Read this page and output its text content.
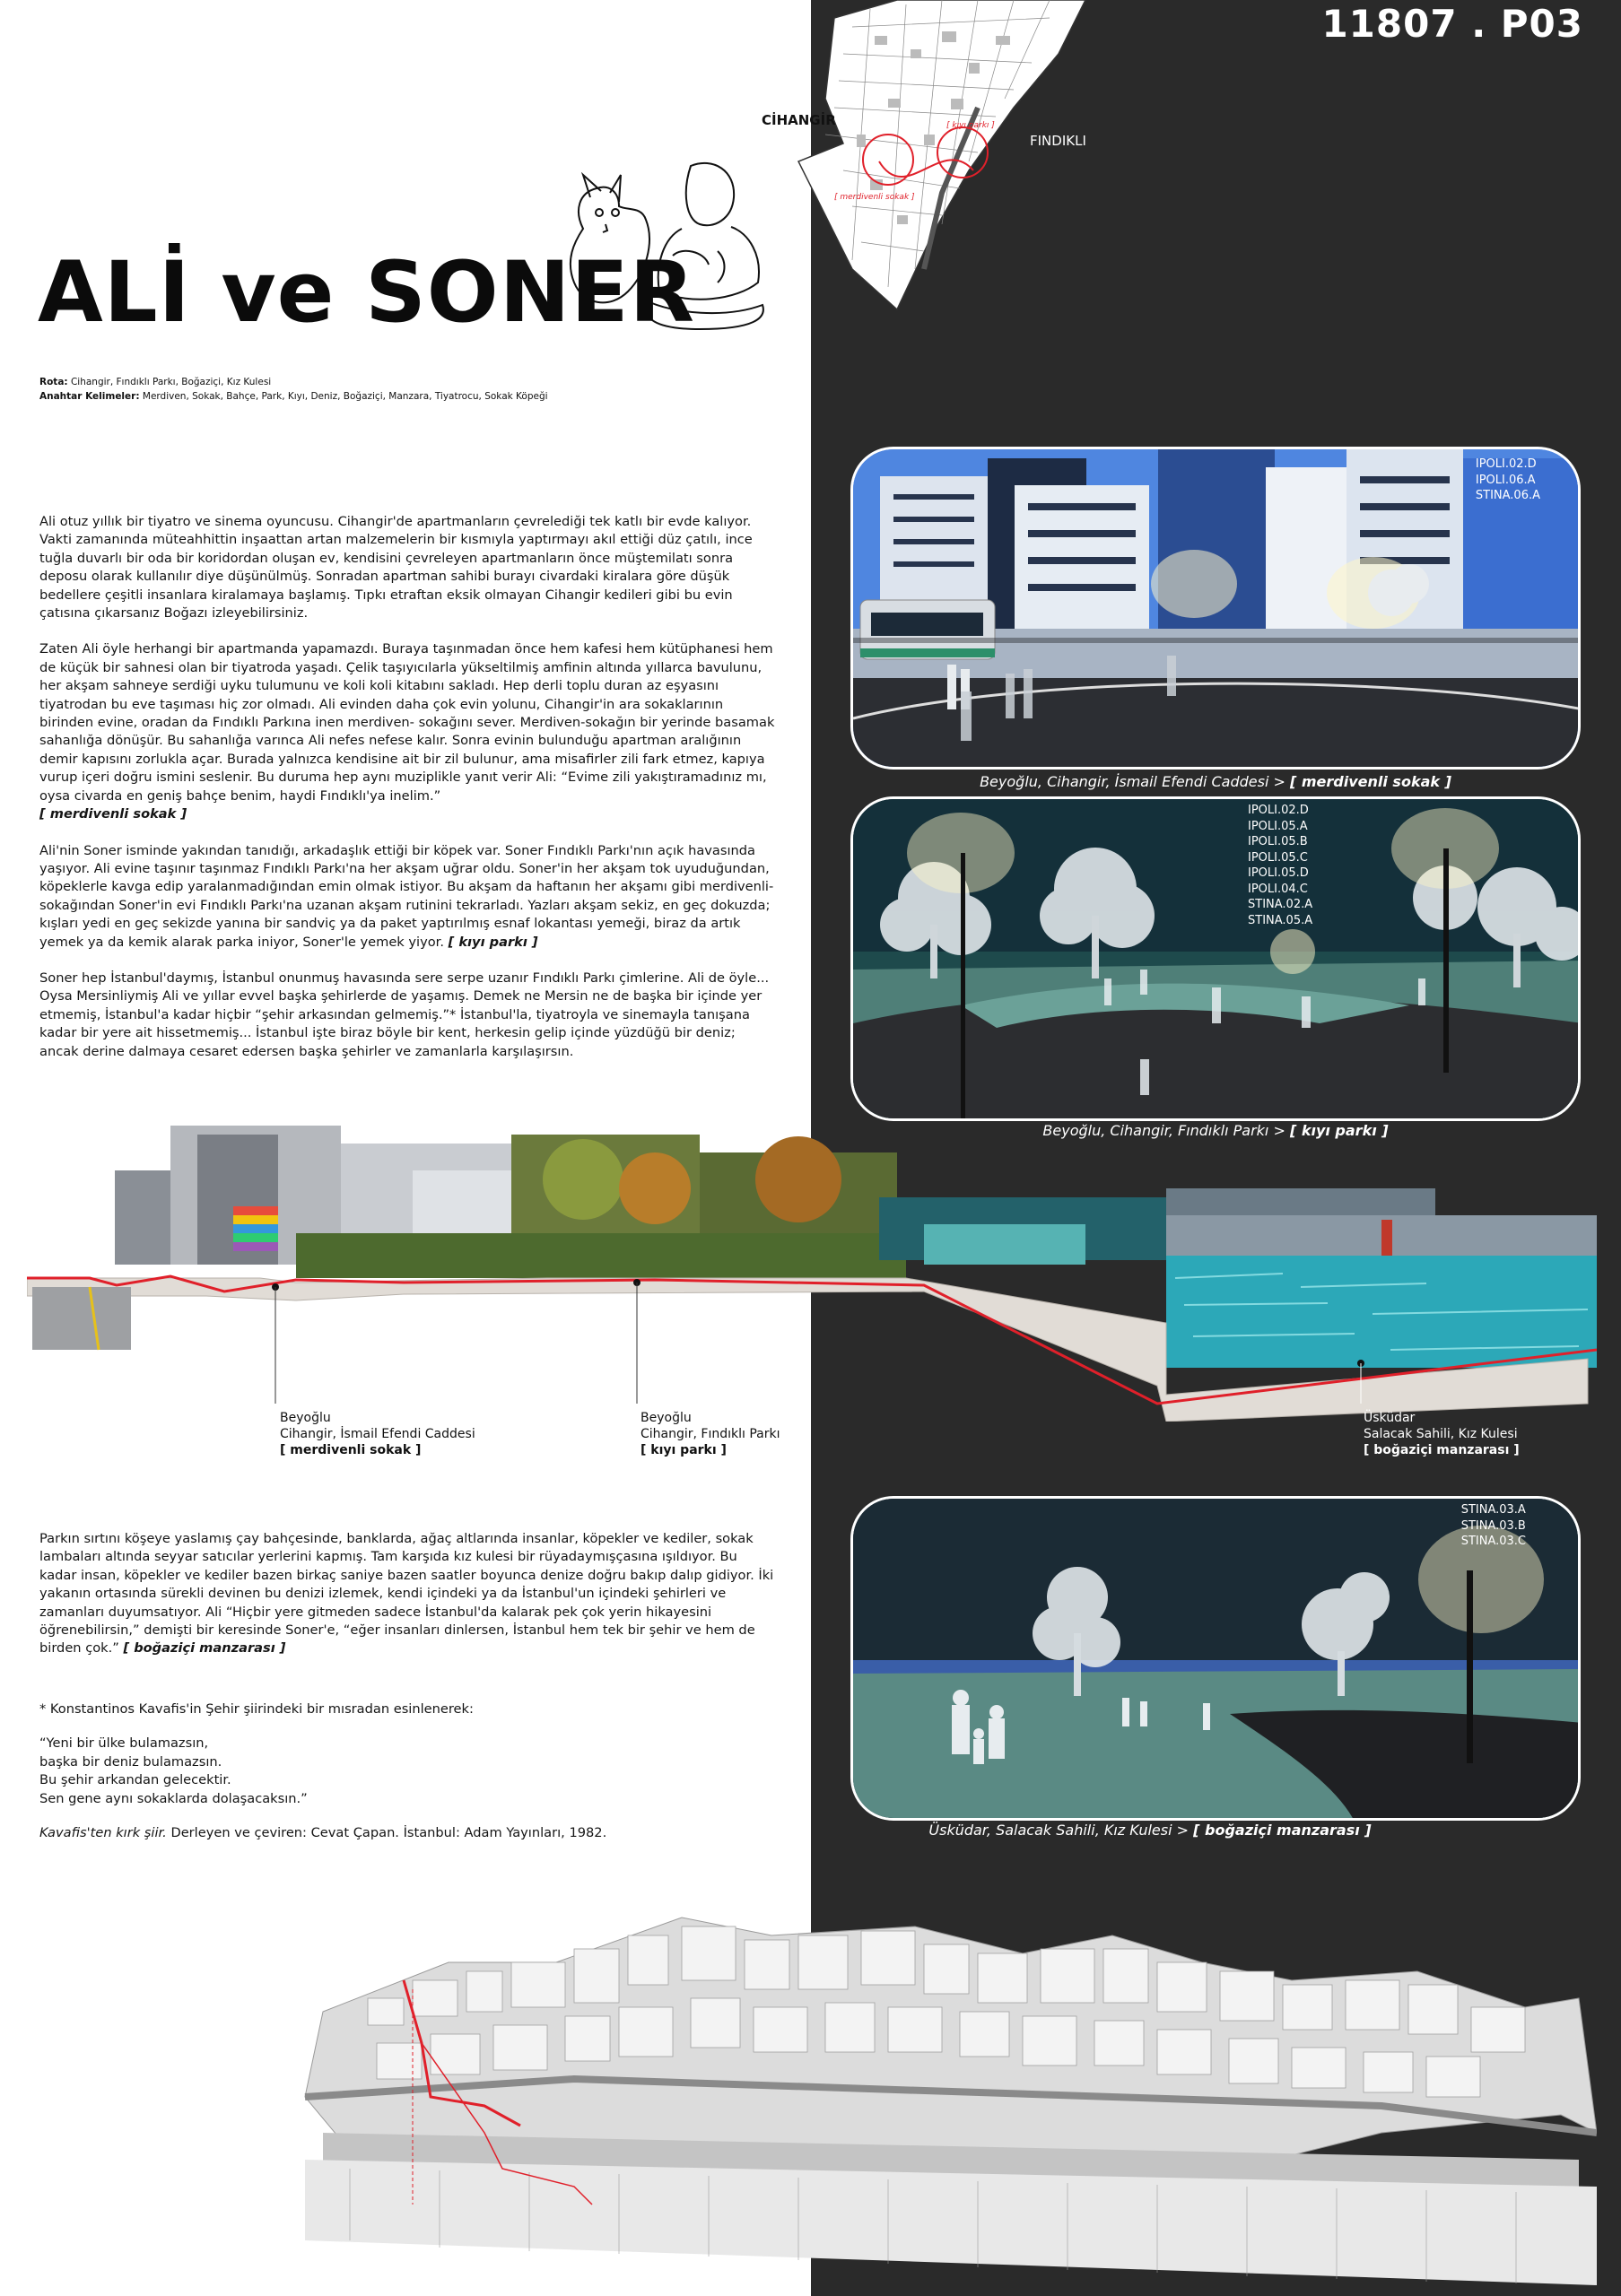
11807 . P03
[ kıyı parkı ]
[ merdivenli sokak ]
CİHANGİR
FINDIKLI
ALİ ve SONER
Rota: Cihangir, Fındıklı Parkı, Boğaziçi, Kız Kulesi
Anahtar Kelimeler: Merdiven, Sokak, Bahçe, Park, Kıyı, Deniz, Boğaziçi, Manzara, Tiyatrocu, Sokak Köpeği

Ali otuz yıllık bir tiyatro ve sinema oyuncusu. Cihangir'de apartmanların çevrelediği tek katlı bir evde kalıyor. Vakti zamanında müteahhittin inşaattan artan malzemelerin bir kısmıyla yaptırmayı akıl ettiği düz çatılı, ince tuğla duvarlı bir oda bir koridordan oluşan ev, kendisini çevreleyen apartmanların önce müştemilatı sonra deposu olarak kullanılır diye düşünülmüş. Sonradan apartman sahibi burayı civardaki kiralara göre düşük bedellere çeşitli insanlara kiralamaya başlamış. Tıpkı etraftan eksik olmayan Cihangir kedileri gibi bu evin çatısına çıkarsanız Boğazı izleyebilirsiniz.

Zaten Ali öyle herhangi bir apartmanda yapamazdı. Buraya taşınmadan önce hem kafesi hem kütüphanesi hem de küçük bir sahnesi olan bir tiyatroda yaşadı. Çelik taşıyıcılarla yükseltilmiş amfinin altında yıllarca bavulunu, her akşam sahneye serdiği uyku tulumunu ve koli koli kitabını sakladı. Hep derli toplu duran az eşyasını tiyatrodan bu eve taşıması hiç zor olmadı. Ali evinden daha çok evin yolunu, Cihangir'in ara sokaklarının birinden evine, oradan da Fındıklı Parkına inen merdiven- sokağını sever. Merdiven-sokağın bir yerinde basamak sahanlığa dönüşür. Bu sahanlığa varınca Ali nefes nefese kalır. Sonra evinin bulunduğu apartman aralığının demir kapısını zorlukla açar. Burada yalnızca kendisine ait bir zil bulunur, ama misafirler zili fark etmez, kapıya vurup içeri doğru ismini seslenir. Bu duruma hep aynı muziplikle yanıt verir Ali: “Evime zili yakıştıramadınız mı, oysa civarda en geniş bahçe benim, haydi Fındıklı'ya inelim.”
[ merdivenli sokak ]

Ali'nin Soner isminde yakından tanıdığı, arkadaşlık ettiği bir köpek var. Soner Fındıklı Parkı'nın açık havasında yaşıyor. Ali evine taşınır taşınmaz Fındıklı Parkı'na her akşam uğrar oldu. Soner'in her akşam tok uyuduğundan, köpeklerle kavga edip yaralanmadığından emin olmak istiyor. Bu akşam da haftanın her akşamı gibi merdivenli-sokağından Soner'in evi Fındıklı Parkı'na uzanan akşam rutinini tekrarladı. Yazları akşam sekiz, en geç dokuzda; kışları yedi en geç sekizde yanına bir sandviç ya da paket yaptırılmış esnaf lokantası yemeği, biraz da artık yemek ya da kemik alarak parka iniyor, Soner'le yemek yiyor. [ kıyı parkı ]

Soner hep İstanbul'daymış, İstanbul onunmuş havasında sere serpe uzanır Fındıklı Parkı çimlerine. Ali de öyle... Oysa Mersinliymiş Ali ve yıllar evvel başka şehirlerde de yaşamış. Demek ne Mersin ne de başka bir içinde yer etmemiş, İstanbul'a kadar hiçbir “şehir arkasından gelmemiş.”* İstanbul'la, tiyatroyla ve sinemayla tanışana kadar bir yere ait hissetmemiş... İstanbul işte biraz böyle bir kent, herkesin gelip içinde yüzdüğü bir deniz; ancak derine dalmaya cesaret edersen başka şehirler ve zamanlarla karşılaşırsın.

IPOLI.02.D
IPOLI.06.A
STINA.06.A
Beyoğlu, Cihangir, İsmail Efendi Caddesi > [ merdivenli sokak ]
IPOLI.02.D
IPOLI.05.A
IPOLI.05.B
IPOLI.05.C
IPOLI.05.D
IPOLI.04.C
STINA.02.A
STINA.05.A
Beyoğlu, Cihangir, Fındıklı Parkı > [ kıyı parkı ]
Beyoğlu
Cihangir, İsmail Efendi Caddesi
[ merdivenli sokak ]
Beyoğlu
Cihangir, Fındıklı Parkı
[ kıyı parkı ]
Üsküdar
Salacak Sahili, Kız Kulesi
[ boğaziçi manzarası ]

Parkın sırtını köşeye yaslamış çay bahçesinde, banklarda, ağaç altlarında insanlar, köpekler ve kediler, sokak lambaları altında seyyar satıcılar yerlerini kapmış. Tam karşıda kız kulesi bir rüyadaymışçasına ışıldıyor. Bu kadar insan, köpekler ve kediler bazen birkaç saniye bazen saatler boyunca denize doğru bakıp dalıp gidiyor. İki yakanın ortasında sürekli devinen bu denizi izlemek, kendi içindeki ya da İstanbul'un içindeki şehirleri ve zamanları duyumsatıyor. Ali “Hiçbir yere gitmeden sadece İstanbul'da kalarak pek çok yerin hikayesini öğrenebilirsin,” demişti bir keresinde Soner'e, “eğer insanları dinlersen, İstanbul hem tek bir şehir ve hem de birden çok.” [ boğaziçi manzarası ]

* Konstantinos Kavafis'in Şehir şiirindeki bir mısradan esinlenerek:

“Yeni bir ülke bulamazsın,
başka bir deniz bulamazsın.
Bu şehir arkandan gelecektir.
Sen gene aynı sokaklarda dolaşacaksın.”

Kavafis'ten kırk şiir. Derleyen ve çeviren: Cevat Çapan. İstanbul: Adam Yayınları, 1982.

STINA.03.A
STINA.03.B
STINA.03.C
Üsküdar, Salacak Sahili, Kız Kulesi > [ boğaziçi manzarası ]
